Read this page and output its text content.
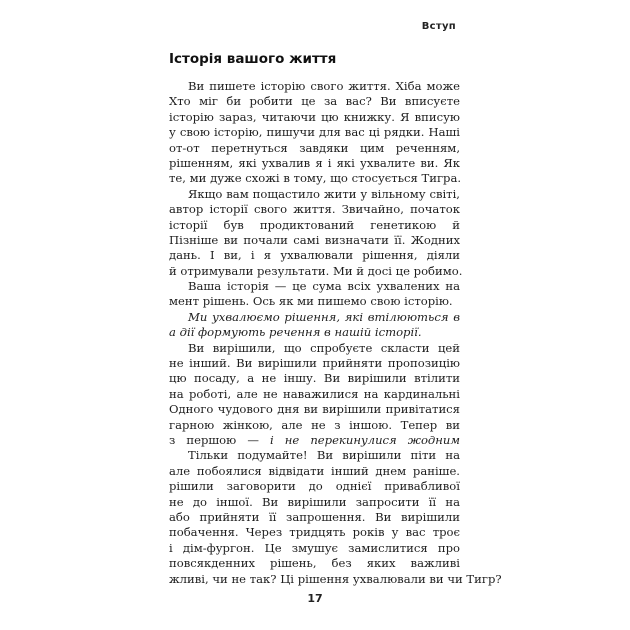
Вступ
Історія вашого життя
Ви пишете історію свого життя. Хіба може
Хто міг би робити це за вас? Ви вписуєте
історію зараз, читаючи цю книжку. Я вписую
у свою історію, пишучи для вас ці рядки. Наші
от-от перетнуться завдяки цим реченням,
рішенням, які ухвалив я і які ухвалите ви. Як
те, ми дуже схожі в тому, що стосується Тигра.
Якщо вам пощастило жити у вільному світі,
автор історії свого життя. Звичайно, початок
історії був продиктований генетикою й
Пізніше ви почали самі визначати її. Жодних
дань. І ви, і я ухвалювали рішення, діяли
й отримували результати. Ми й досі це робимо.
Ваша історія — це сума всіх ухвалених на
мент рішень. Ось як ми пишемо свою історію.
Ми ухвалюємо рішення, які втілюються в
а дії формують речення в нашій історії.
Ви вирішили, що спробуєте скласти цей
не інший. Ви вирішили прийняти пропозицію
цю посаду, а не іншу. Ви вирішили втілити
на роботі, але не наважилися на кардинальні
Одного чудового дня ви вирішили привітатися
гарною жінкою, але не з іншою. Тепер ви
з першою — і не перекинулися жодним
Тільки подумайте! Ви вирішили піти на
але побоялися відвідати інший днем раніше.
рішили заговорити до однієї привабливої
не до іншої. Ви вирішили запросити її на
або прийняти її запрошення. Ви вирішили
побачення. Через тридцять років у вас троє
і дім-фургон. Це змушує замислитися про
повсякденних рішень, без яких важливі
жливі, чи не так? Ці рішення ухвалювали ви чи Тигр?
17
